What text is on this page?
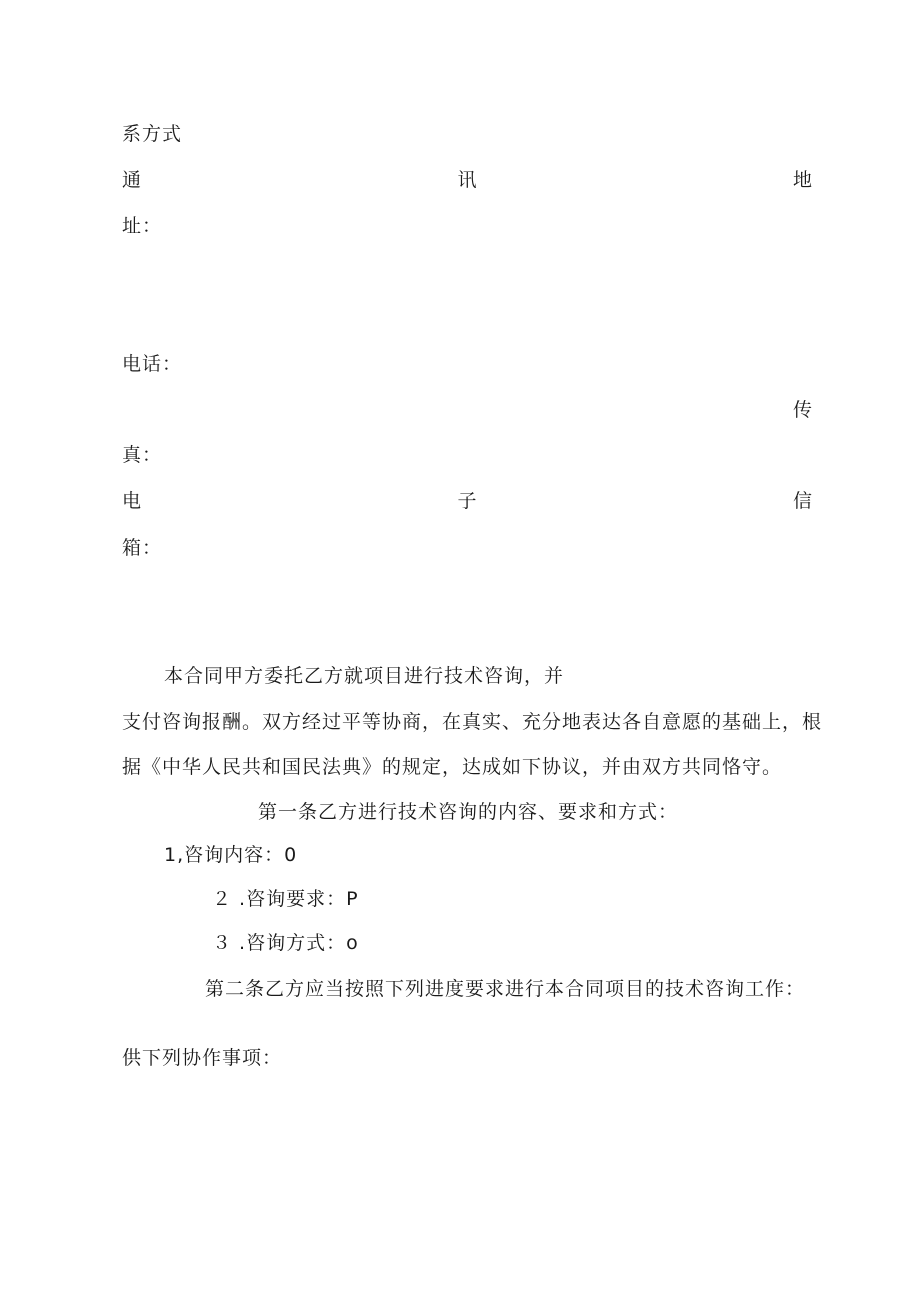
系方式
通	讯	地
址：
电话：
传
真：
电	子	信
箱：
本合同甲方委托乙方就项目进行技术咨询，并
支付咨询报酬。双方经过平等协商，在真实、充分地表达各自意愿的基础上，根
据《中华人民共和国民法典》的规定，达成如下协议，并由双方共同恪守。
第一条乙方进行技术咨询的内容、要求和方式：
1,咨询内容：0
２ .咨询要求：P
３ .咨询方式：o
第二条乙方应当按照下列进度要求进行本合同项目的技术咨询工作：
供下列协作事项：
